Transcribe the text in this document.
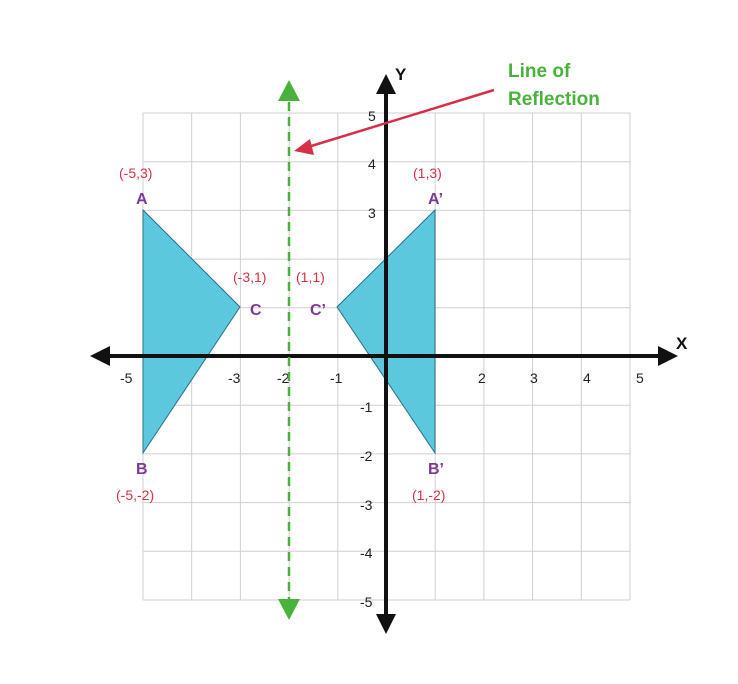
X
Y
-5	-3	-2	-1	2	3	4	5
5
4
3
-1
-2
-3
-4
-5
Line of
Reflection
(-5,3)
A
B
(-5,-2)
(-3,1)
C
(1,3)
A’
B’
(1,-2)
(1,1)
C’
